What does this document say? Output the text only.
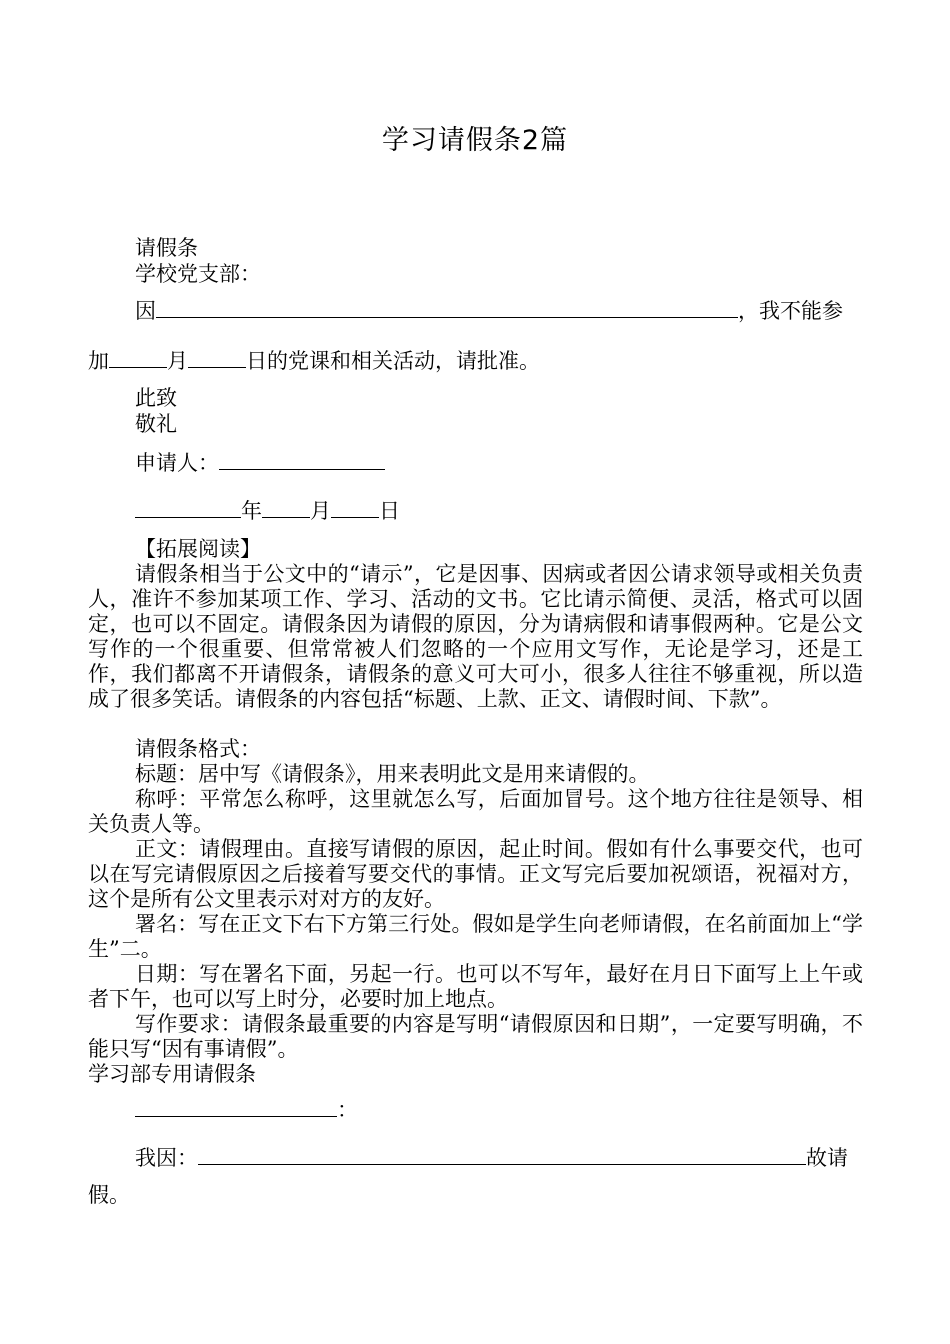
学习请假条2篇
请假条
学校党支部：
因	，我不能参
加	月	日的党课和相关活动，请批准。
此致
敬礼
申请人：
年 月 日
【拓展阅读】
请假条相当于公文中的“请示”，它是因事、因病或者因公请求领导或相关负责人，准许不参加某项工作、学习、活动的文书。它比请示简便、灵活，格式可以固定，也可以不固定。请假条因为请假的原因，分为请病假和请事假两种。它是公文写作的一个很重要、但常常被人们忽略的一个应用文写作，无论是学习，还是工作，我们都离不开请假条，请假条的意义可大可小，很多人往往不够重视，所以造成了很多笑话。请假条的内容包括“标题、上款、正文、请假时间、下款”。
请假条格式：
标题：居中写《请假条》，用来表明此文是用来请假的。
称呼：平常怎么称呼，这里就怎么写，后面加冒号。这个地方往往是领导、相关负责人等。
正文：请假理由。直接写请假的原因，起止时间。假如有什么事要交代，也可以在写完请假原因之后接着写要交代的事情。正文写完后要加祝颂语，祝福对方，这个是所有公文里表示对对方的友好。
署名：写在正文下右下方第三行处。假如是学生向老师请假，在名前面加上“学生”二。
日期：写在署名下面，另起一行。也可以不写年，最好在月日下面写上上午或者下午，也可以写上时分，必要时加上地点。
写作要求：请假条最重要的内容是写明“请假原因和日期”，一定要写明确，不能只写“因有事请假”。
学习部专用请假条
：
我因：	故请
假。
